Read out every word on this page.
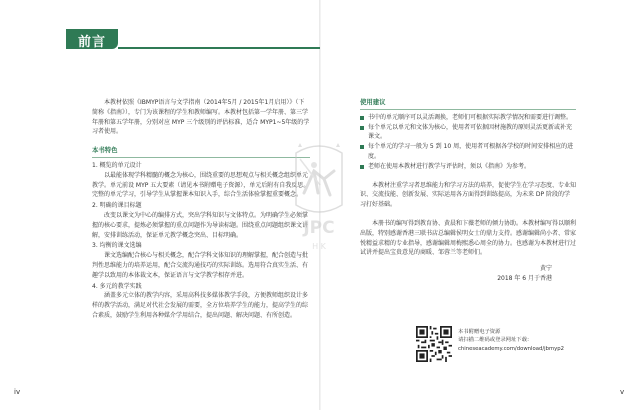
前言

本教材依照《IBMYP语言与文学指南（2014年5月 / 2015年1月启用）》（下简称《指南》），专门为该课程的学生和教师编写。本教材包括第一学年册、第三学年册和第五学年册，分别对应 MYP 三个级别的评估标准，适合 MYP1~5年级的学习者使用。

本书特色

1. 概览的单元设计

以最能体现学科精髓的概念为核心，围绕重要的思想观点与相关概念组织单元教学。单元前设 MYP 五大要素（请见本书附赠电子资源），单元后附有自我反思。完整的单元学习，引导学生从掌握课本知识入手，综合生活体验掌握重要概念。

2. 明确的课目标题

改变以课文为中心的编排方式，突出学科知识与文体特点。为明确学生必须掌握的核心要求，提炼必须掌握的重点问题作为导读标题。围绕重点问题组织课文讲解，安排训练活动，保证单元教学概念突出、目标明确。

3. 均衡的课文选编

课文选编配合核心与相关概念，配合学科文体知识的理解掌握，配合创造与批判性思维能力的培养运用，配合交流沟通技巧的实际训练。选用符合真实生活、有趣学以致用的本体裁文本，保证语言与文学教学相存并进。

4. 多元的教学实践

涵盖多元立体的教学内容，采用高科技多媒体教学手段，方便教师组织设计多样的教学活动，满足对代社会发展的需要，全方位培养学生的能力，提高学生的综合素质，鼓励学生利用各种媒介学用结合，提出问题、解决问题、有所创造。

使用建议
书中的单元顺序可以灵活调换，老师们可根据实际教学情况和需要进行调整。
每个单元以单元和文体为核心，使用者可依据因材施教的原则灵活更新或补充课文。
每个单元的学习一般为 5 到 10 周，使用者可根据各学校的时间安排相应的进度。
老师在使用本教材进行教学与评估时，须以《指南》为参考。

本教材注重学习者思维能力和学习方法的培养，促使学生在学习态度、专业知识、交流技能、创新发展、实际运用各方面得到训练提高，为未来 DP 阶段的学习打好基础。

本册书的编写得到教育协、黄晨和卞薇老师的倾力协助。本教材编写得以顺利出版，特别感谢香港三联书店总编辑侯明女士的鼎力支持。感谢编辑尚小者、常家悦精益求精的专业指导，感谢编辑周梅熙悉心周全的协力。也感谢为本教材进行过试讲并提出宝贵意见的商暖、邹蓉兰等老师们。

黄宁

2018 年 6 月于香港

本书附赠电子资源
请扫描二维码或登录网址下载：
chineseacademy.com/download/jbmyp2
JPC
H K
iv	v
